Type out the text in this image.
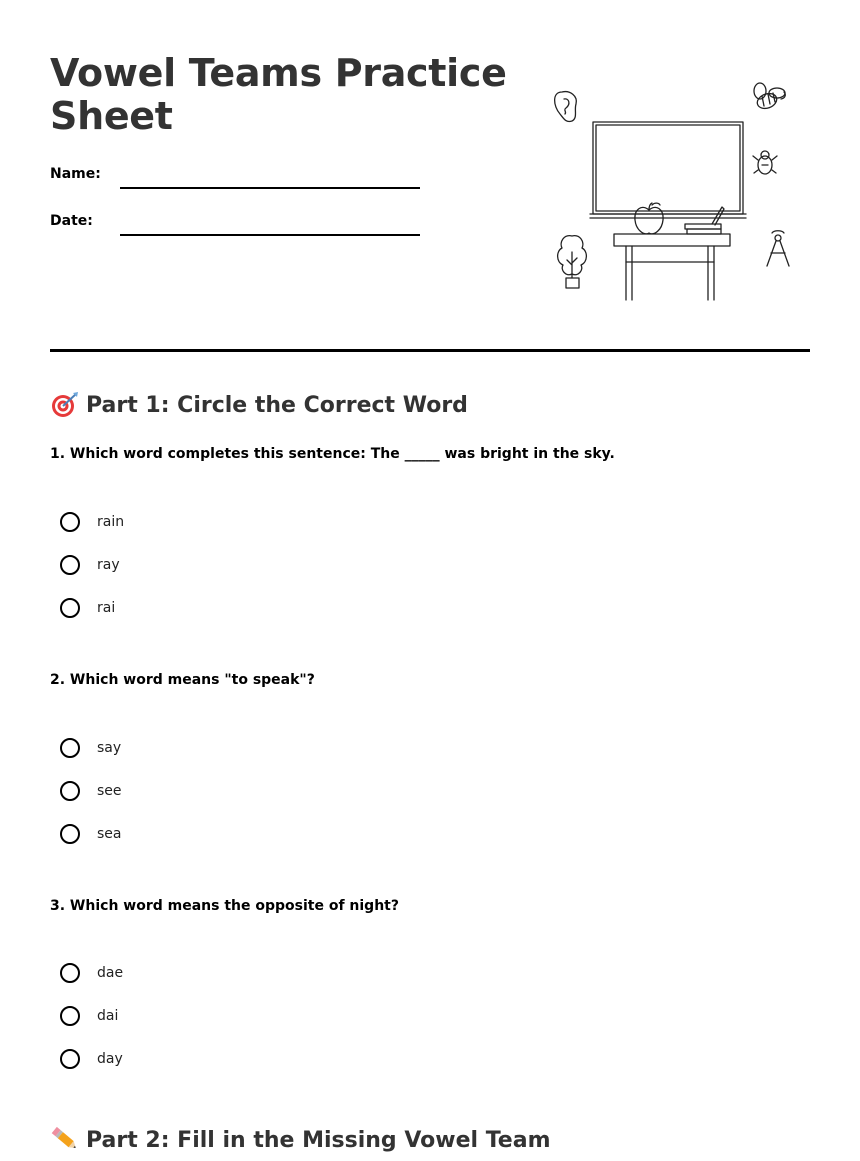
Vowel Teams Practice Sheet
Name:
Date:
Part 1: Circle the Correct Word
1. Which word completes this sentence: The _____ was bright in the sky.
rain
ray
rai
2. Which word means "to speak"?
say
see
sea
3. Which word means the opposite of night?
dae
dai
day
Part 2: Fill in the Missing Vowel Team
